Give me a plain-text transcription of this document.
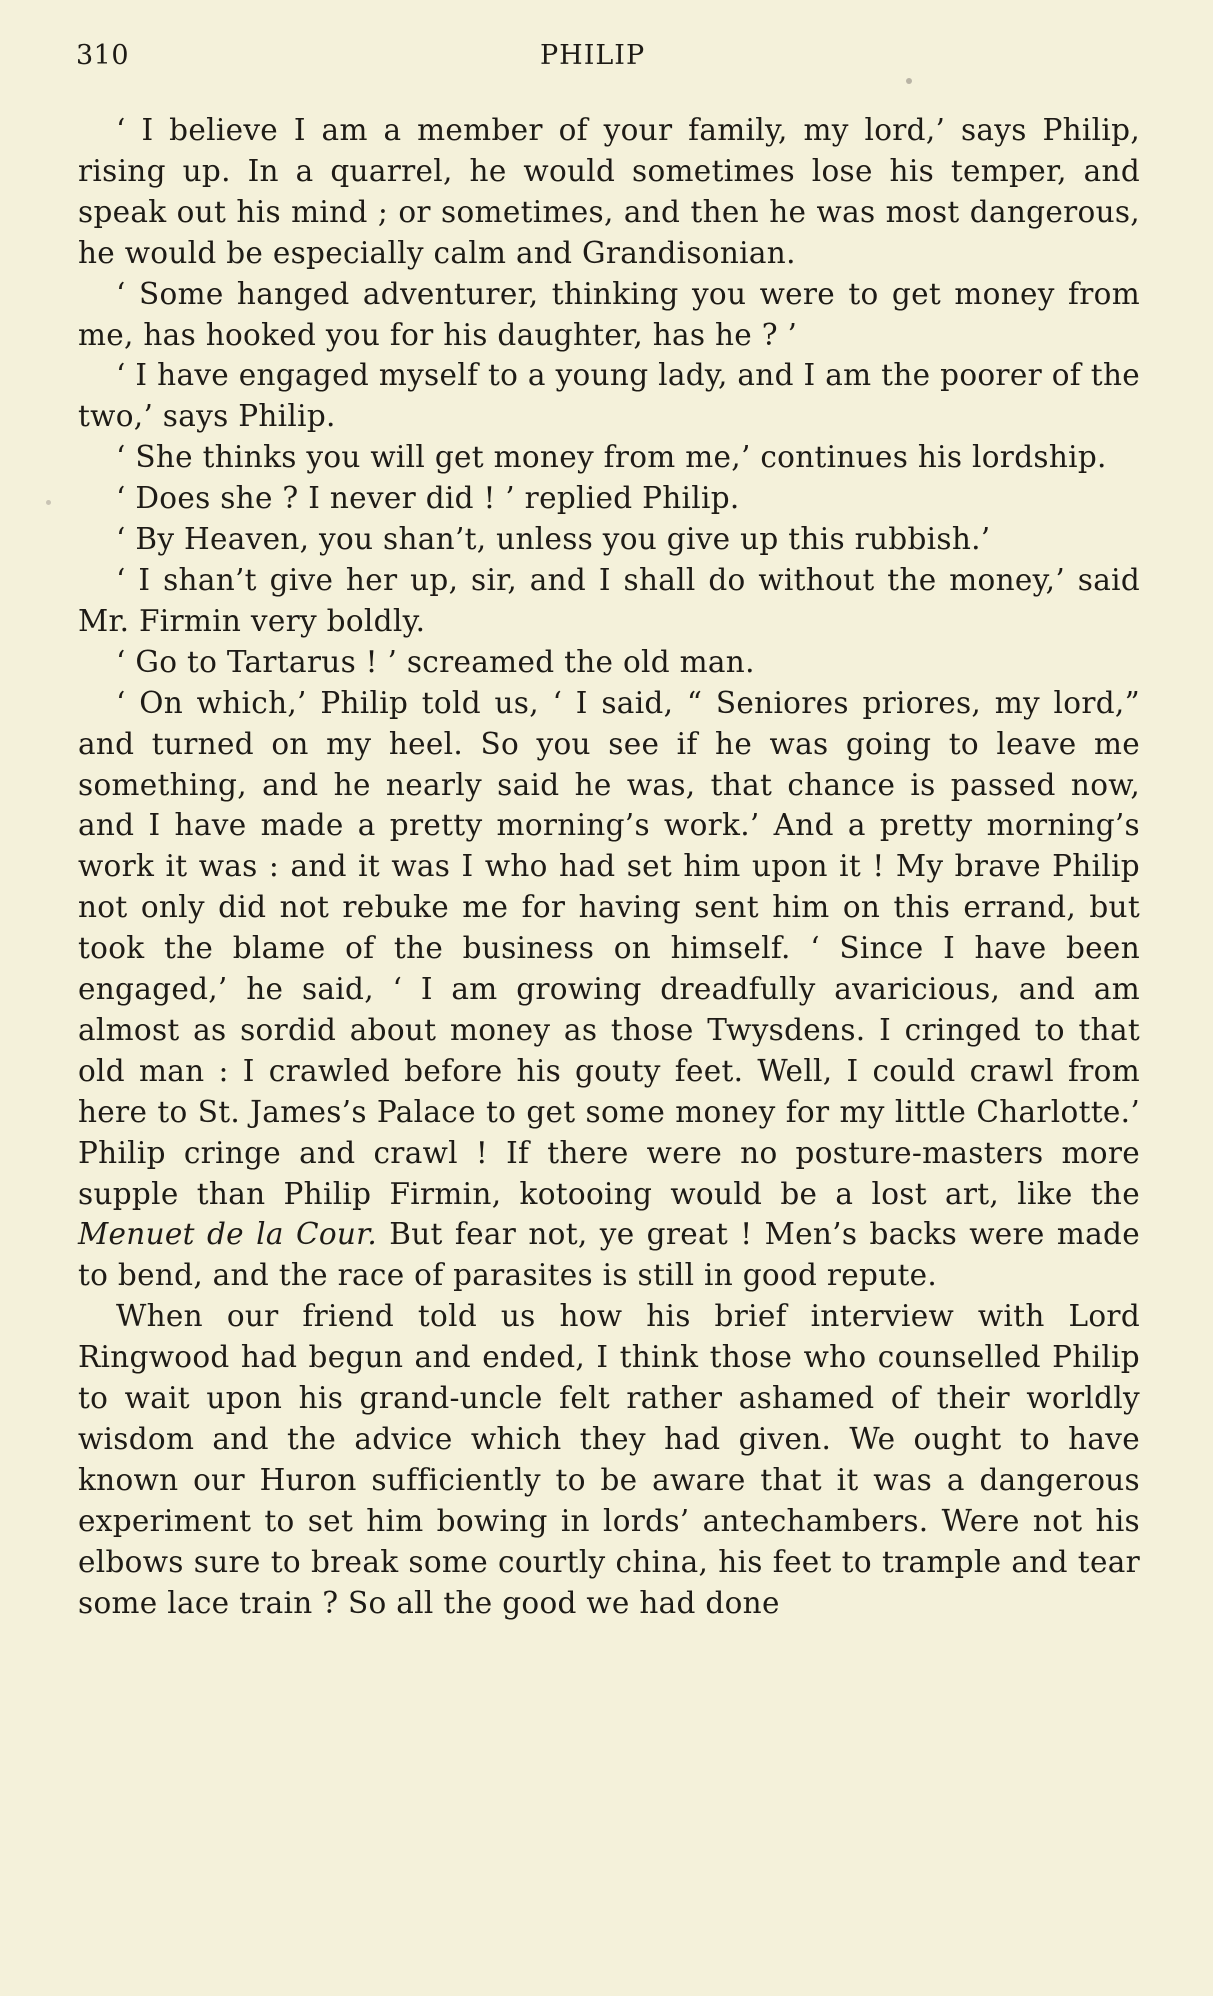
310	PHILIP

‘ I believe I am a member of your family, my lord,’ says Philip, rising up. In a quarrel, he would sometimes lose his temper, and speak out his mind ; or sometimes, and then he was most dangerous, he would be especially calm and Grandisonian.

‘ Some hanged adventurer, thinking you were to get money from me, has hooked you for his daughter, has he ? ’

‘ I have engaged myself to a young lady, and I am the poorer of the two,’ says Philip.

‘ She thinks you will get money from me,’ continues his lordship.

‘ Does she ? I never did ! ’ replied Philip.

‘ By Heaven, you shan’t, unless you give up this rubbish.’

‘ I shan’t give her up, sir, and I shall do without the money,’ said Mr. Firmin very boldly.

‘ Go to Tartarus ! ’ screamed the old man.

‘ On which,’ Philip told us, ‘ I said, “ Seniores priores, my lord,” and turned on my heel. So you see if he was going to leave me something, and he nearly said he was, that chance is passed now, and I have made a pretty morning’s work.’ And a pretty morning’s work it was : and it was I who had set him upon it ! My brave Philip not only did not rebuke me for having sent him on this errand, but took the blame of the business on himself. ‘ Since I have been engaged,’ he said, ‘ I am growing dreadfully avaricious, and am almost as sordid about money as those Twysdens. I cringed to that old man : I crawled before his gouty feet. Well, I could crawl from here to St. James’s Palace to get some money for my little Charlotte.’ Philip cringe and crawl ! If there were no posture-masters more supple than Philip Firmin, kotooing would be a lost art, like the Menuet de la Cour. But fear not, ye great ! Men’s backs were made to bend, and the race of parasites is still in good repute.

When our friend told us how his brief interview with Lord Ringwood had begun and ended, I think those who counselled Philip to wait upon his grand-uncle felt rather ashamed of their worldly wisdom and the advice which they had given. We ought to have known our Huron sufficiently to be aware that it was a dangerous experiment to set him bowing in lords’ antechambers. Were not his elbows sure to break some courtly china, his feet to trample and tear some lace train ? So all the good we had done
